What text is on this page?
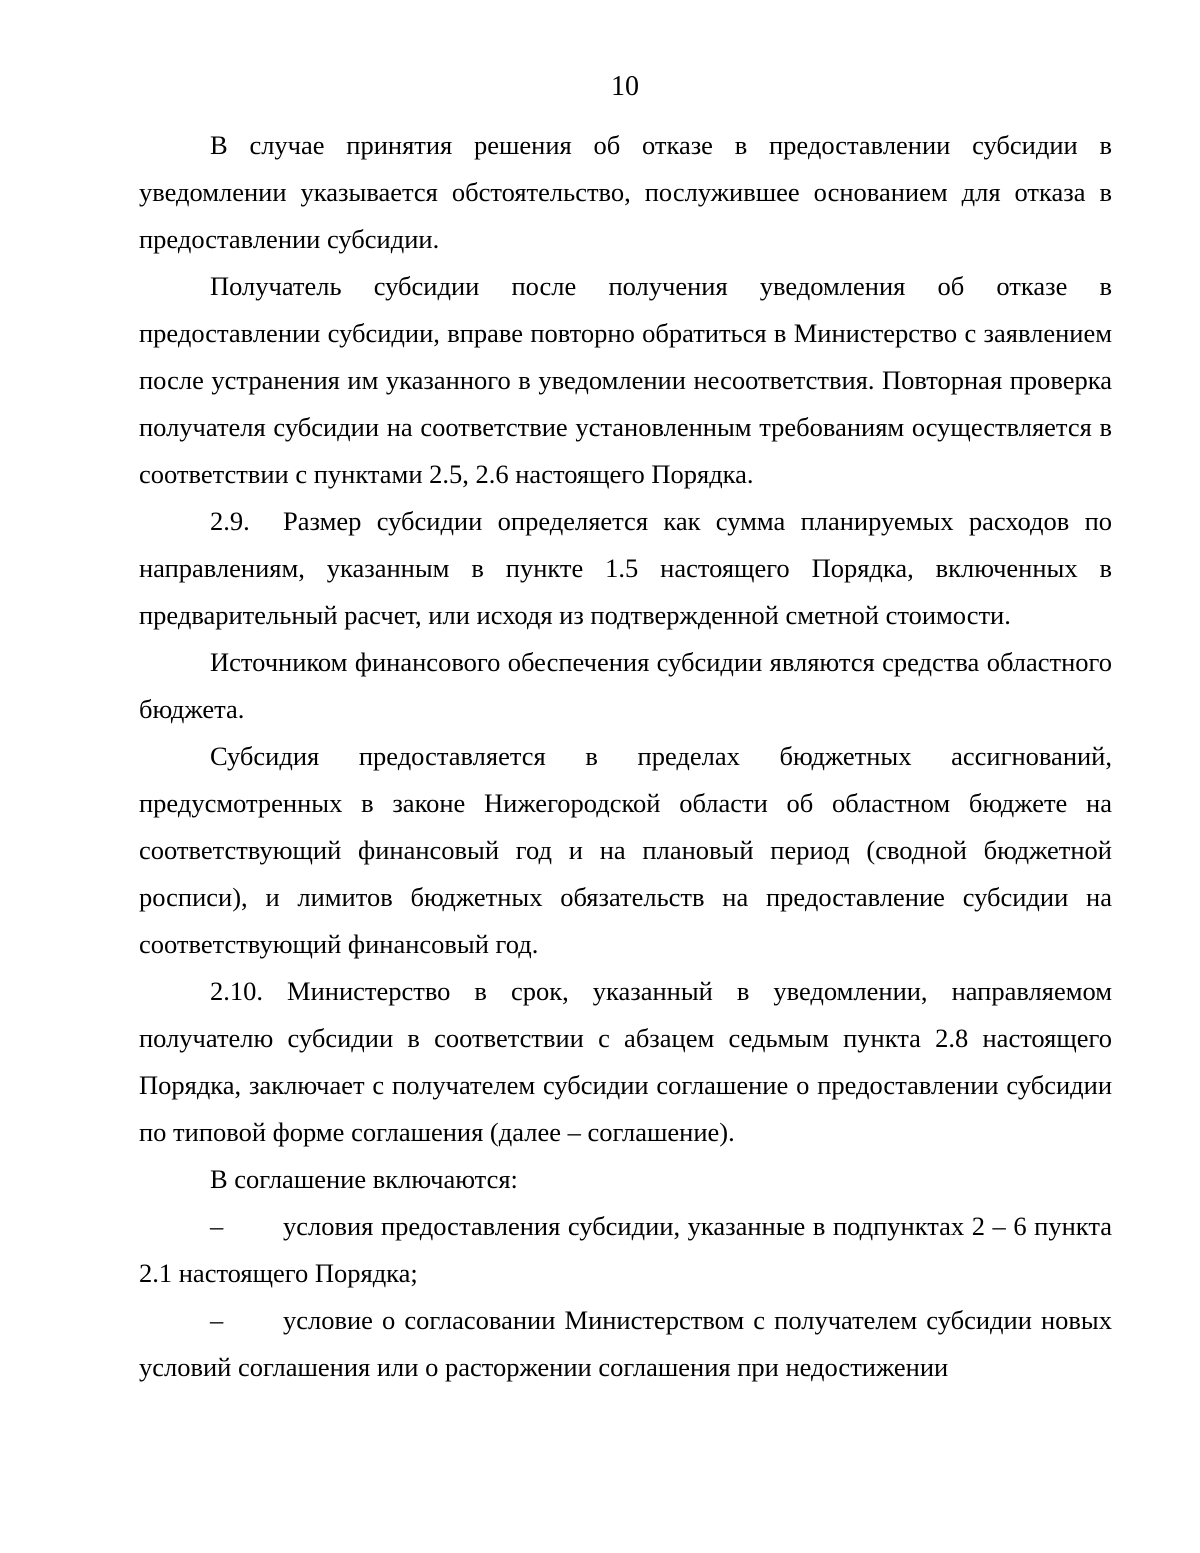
10

В случае принятия решения об отказе в предоставлении субсидии в уведомлении указывается обстоятельство, послужившее основанием для отказа в предоставлении субсидии.

Получатель субсидии после получения уведомления об отказе в предоставлении субсидии, вправе повторно обратиться в Министерство с заявлением после устранения им указанного в уведомлении несоответствия. Повторная проверка получателя субсидии на соответствие установленным требованиям осуществляется в соответствии с пунктами 2.5, 2.6 настоящего Порядка.

2.9. Размер субсидии определяется как сумма планируемых расходов по направлениям, указанным в пункте 1.5 настоящего Порядка, включенных в предварительный расчет, или исходя из подтвержденной сметной стоимости.

Источником финансового обеспечения субсидии являются средства областного бюджета.

Субсидия предоставляется в пределах бюджетных ассигнований, предусмотренных в законе Нижегородской области об областном бюджете на соответствующий финансовый год и на плановый период (сводной бюджетной росписи), и лимитов бюджетных обязательств на предоставление субсидии на соответствующий финансовый год.

2.10. Министерство в срок, указанный в уведомлении, направляемом получателю субсидии в соответствии с абзацем седьмым пункта 2.8 настоящего Порядка, заключает с получателем субсидии соглашение о предоставлении субсидии по типовой форме соглашения (далее – соглашение).

В соглашение включаются:

– условия предоставления субсидии, указанные в подпунктах 2 – 6 пункта 2.1 настоящего Порядка;

– условие о согласовании Министерством с получателем субсидии новых условий соглашения или о расторжении соглашения при недостижении
